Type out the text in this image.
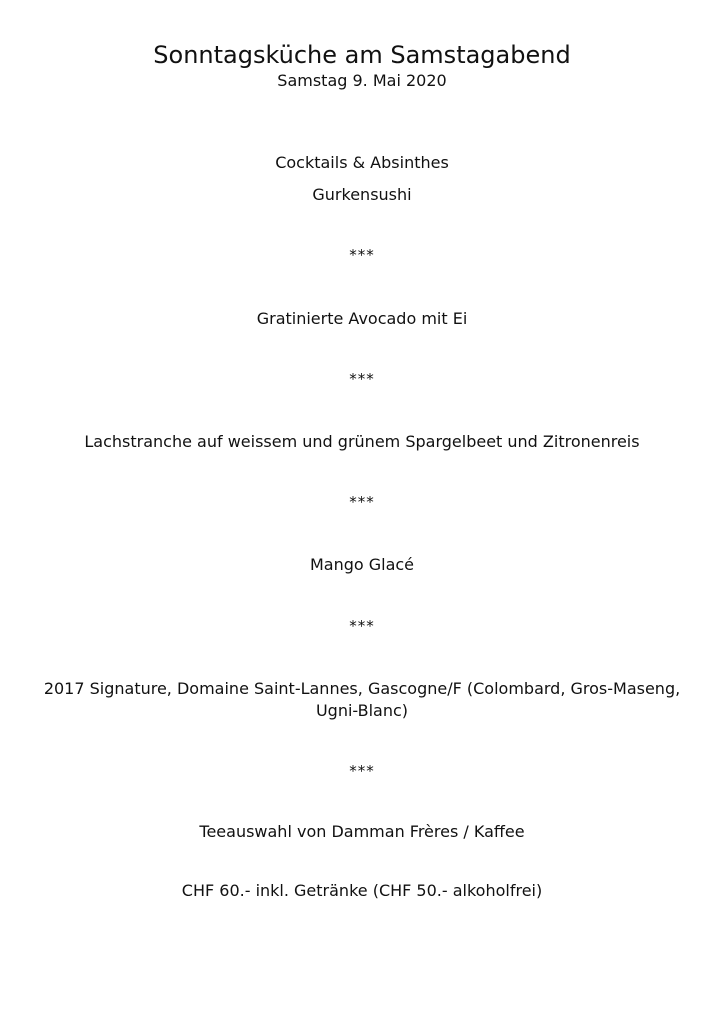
Sonntagsküche am Samstagabend
Samstag 9. Mai 2020
Cocktails & Absinthes
Gurkensushi
***
Gratinierte Avocado mit Ei
***
Lachstranche auf weissem und grünem Spargelbeet und Zitronenreis
***
Mango Glacé
***
2017 Signature, Domaine Saint-Lannes, Gascogne/F (Colombard, Gros-Maseng, Ugni-Blanc)
***
Teeauswahl von Damman Frères / Kaffee
CHF 60.- inkl. Getränke (CHF 50.- alkoholfrei)
